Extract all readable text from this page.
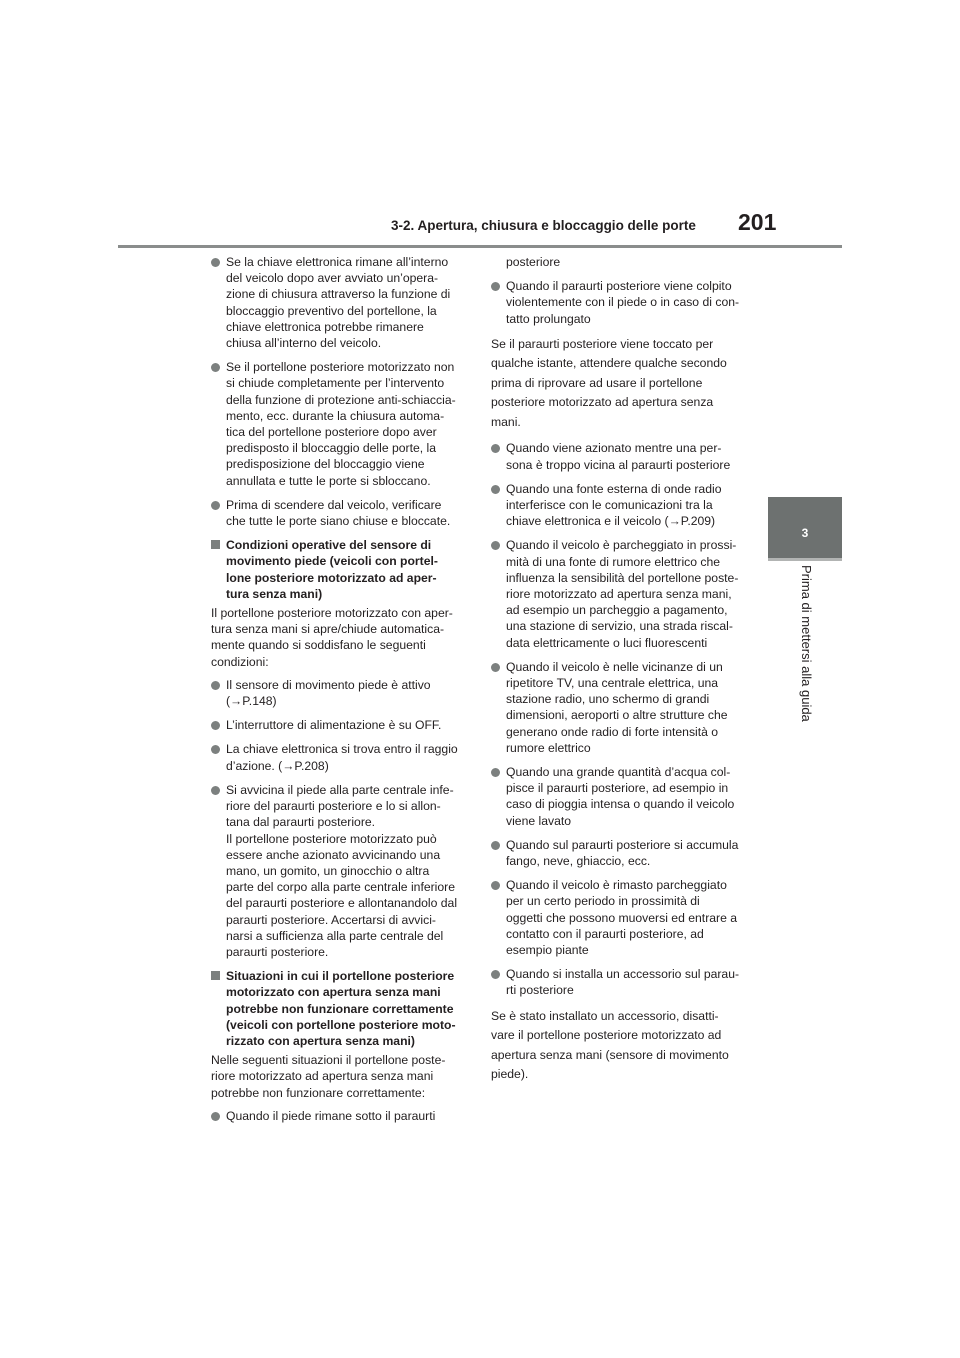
3-2. Apertura, chiusura e bloccaggio delle porte 201
3
Prima di mettersi alla guida
Se la chiave elettronica rimane all’interno
del veicolo dopo aver avviato un’opera-
zione di chiusura attraverso la funzione di
bloccaggio preventivo del portellone, la
chiave elettronica potrebbe rimanere
chiusa all’interno del veicolo.
Se il portellone posteriore motorizzato non
si chiude completamente per l’intervento
della funzione di protezione anti-schiaccia-
mento, ecc. durante la chiusura automa-
tica del portellone posteriore dopo aver
predisposto il bloccaggio delle porte, la
predisposizione del bloccaggio viene
annullata e tutte le porte si sbloccano.
Prima di scendere dal veicolo, verificare
che tutte le porte siano chiuse e bloccate.
Condizioni operative del sensore di
movimento piede (veicoli con portel-
lone posteriore motorizzato ad aper-
tura senza mani)
Il portellone posteriore motorizzato con aper-
tura senza mani si apre/chiude automatica-
mente quando si soddisfano le seguenti
condizioni:
Il sensore di movimento piede è attivo
(→P.148)
L’interruttore di alimentazione è su OFF.
La chiave elettronica si trova entro il raggio
d’azione. (→P.208)
Si avvicina il piede alla parte centrale infe-
riore del paraurti posteriore e lo si allon-
tana dal paraurti posteriore.
Il portellone posteriore motorizzato può
essere anche azionato avvicinando una
mano, un gomito, un ginocchio o altra
parte del corpo alla parte centrale inferiore
del paraurti posteriore e allontanandolo dal
paraurti posteriore. Accertarsi di avvici-
narsi a sufficienza alla parte centrale del
paraurti posteriore.
Situazioni in cui il portellone posteriore
motorizzato con apertura senza mani
potrebbe non funzionare correttamente
(veicoli con portellone posteriore moto-
rizzato con apertura senza mani)
Nelle seguenti situazioni il portellone poste-
riore motorizzato ad apertura senza mani
potrebbe non funzionare correttamente:
Quando il piede rimane sotto il paraurti
posteriore
Quando il paraurti posteriore viene colpito
violentemente con il piede o in caso di con-
tatto prolungato
Se il paraurti posteriore viene toccato per
qualche istante, attendere qualche secondo
prima di riprovare ad usare il portellone
posteriore motorizzato ad apertura senza
mani.
Quando viene azionato mentre una per-
sona è troppo vicina al paraurti posteriore
Quando una fonte esterna di onde radio
interferisce con le comunicazioni tra la
chiave elettronica e il veicolo (→P.209)
Quando il veicolo è parcheggiato in prossi-
mità di una fonte di rumore elettrico che
influenza la sensibilità del portellone poste-
riore motorizzato ad apertura senza mani,
ad esempio un parcheggio a pagamento,
una stazione di servizio, una strada riscal-
data elettricamente o luci fluorescenti
Quando il veicolo è nelle vicinanze di un
ripetitore TV, una centrale elettrica, una
stazione radio, uno schermo di grandi
dimensioni, aeroporti o altre strutture che
generano onde radio di forte intensità o
rumore elettrico
Quando una grande quantità d’acqua col-
pisce il paraurti posteriore, ad esempio in
caso di pioggia intensa o quando il veicolo
viene lavato
Quando sul paraurti posteriore si accumula
fango, neve, ghiaccio, ecc.
Quando il veicolo è rimasto parcheggiato
per un certo periodo in prossimità di
oggetti che possono muoversi ed entrare a
contatto con il paraurti posteriore, ad
esempio piante
Quando si installa un accessorio sul parau-
rti posteriore
Se è stato installato un accessorio, disatti-
vare il portellone posteriore motorizzato ad
apertura senza mani (sensore di movimento
piede).
